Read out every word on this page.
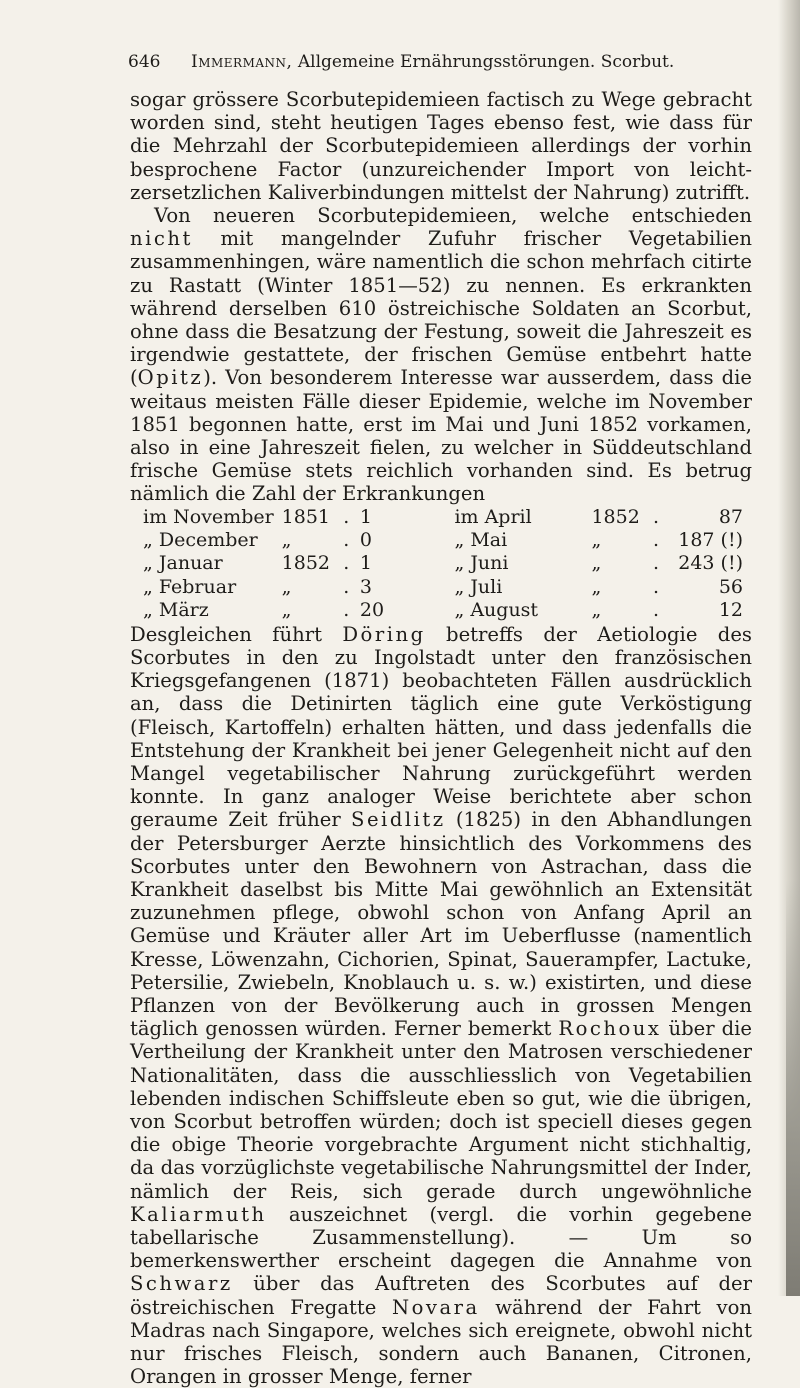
646 Immermann, Allgemeine Ernährungsstörungen. Scorbut.

sogar grössere Scorbutepidemieen factisch zu Wege gebracht worden sind, steht heutigen Tages ebenso fest, wie dass für die Mehrzahl der Scorbutepidemieen allerdings der vorhin besprochene Factor (unzureichender Import von leicht-zersetzlichen Kaliverbindungen mittelst der Nahrung) zutrifft.

Von neueren Scorbutepidemieen, welche entschieden nicht mit mangelnder Zufuhr frischer Vegetabilien zusammenhingen, wäre namentlich die schon mehrfach citirte zu Rastatt (Winter 1851—52) zu nennen. Es erkrankten während derselben 610 östreichische Soldaten an Scorbut, ohne dass die Besatzung der Festung, soweit die Jahreszeit es irgendwie gestattete, der frischen Gemüse entbehrt hatte (Opitz). Von besonderem Interesse war ausserdem, dass die weitaus meisten Fälle dieser Epidemie, welche im November 1851 begonnen hatte, erst im Mai und Juni 1852 vorkamen, also in eine Jahreszeit fielen, zu welcher in Süddeutschland frische Gemüse stets reichlich vorhanden sind. Es betrug nämlich die Zahl der Erkrankungen

im November	1851	.	1	im April	1852	.	87
„ December	„	.	0	„ Mai	„	.	187 (!)
„ Januar	1852	.	1	„ Juni	„	.	243 (!)
„ Februar	„	.	3	„ Juli	„	.	56
„ März	„	.	20	„ August	„	.	12

Desgleichen führt Döring betreffs der Aetiologie des Scorbutes in den zu Ingolstadt unter den französischen Kriegsgefangenen (1871) beobachteten Fällen ausdrücklich an, dass die Detinirten täglich eine gute Verköstigung (Fleisch, Kartoffeln) erhalten hätten, und dass jedenfalls die Entstehung der Krankheit bei jener Gelegenheit nicht auf den Mangel vegetabilischer Nahrung zurückgeführt werden konnte. In ganz analoger Weise berichtete aber schon geraume Zeit früher Seidlitz (1825) in den Abhandlungen der Petersburger Aerzte hinsichtlich des Vorkommens des Scorbutes unter den Bewohnern von Astrachan, dass die Krankheit daselbst bis Mitte Mai gewöhnlich an Extensität zuzunehmen pflege, obwohl schon von Anfang April an Gemüse und Kräuter aller Art im Ueberflusse (namentlich Kresse, Löwenzahn, Cichorien, Spinat, Sauerampfer, Lactuke, Petersilie, Zwiebeln, Knoblauch u. s. w.) existirten, und diese Pflanzen von der Bevölkerung auch in grossen Mengen täglich genossen würden. Ferner bemerkt Rochoux über die Vertheilung der Krankheit unter den Matrosen verschiedener Nationalitäten, dass die ausschliesslich von Vegetabilien lebenden indischen Schiffsleute eben so gut, wie die übrigen, von Scorbut betroffen würden; doch ist speciell dieses gegen die obige Theorie vorgebrachte Argument nicht stichhaltig, da das vorzüglichste vegetabilische Nahrungsmittel der Inder, nämlich der Reis, sich gerade durch ungewöhnliche Kaliarmuth auszeichnet (vergl. die vorhin gegebene tabellarische Zusammenstellung). — Um so bemerkenswerther erscheint dagegen die Annahme von Schwarz über das Auftreten des Scorbutes auf der östreichischen Fregatte Novara während der Fahrt von Madras nach Singapore, welches sich ereignete, obwohl nicht nur frisches Fleisch, sondern auch Bananen, Citronen, Orangen in grosser Menge, ferner
